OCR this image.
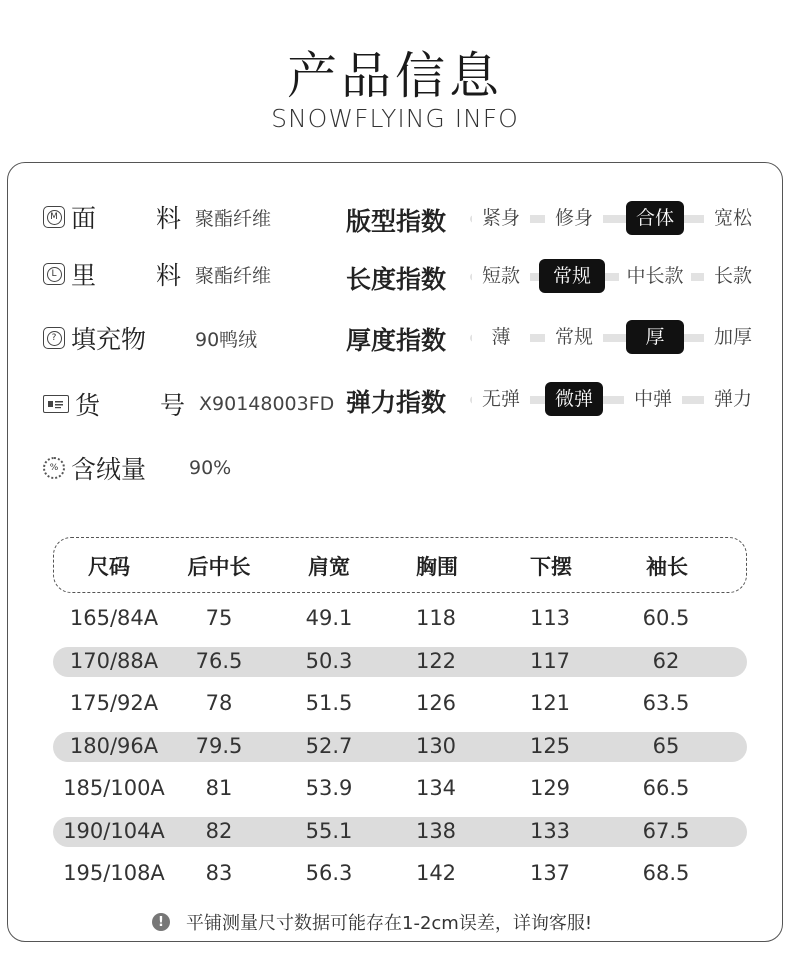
产品信息
SNOWFLYING INFO
M 面 料 聚酯纤维
L 里 料 聚酯纤维
? 填充物	90鸭绒
货 号 X90148003FD
% 含绒量 90%
版型指数	紧身	修身	合体	宽松
长度指数	短款	常规	中长款	长款
厚度指数	薄	常规	厚	加厚
弹力指数	无弹	微弹	中弹	弹力
尺码	后中长	肩宽	胸围	下摆	袖长
165/84A	75	49.1	118	113	60.5
170/88A	76.5	50.3	122	117	62
175/92A	78	51.5	126	121	63.5
180/96A	79.5	52.7	130	125	65
185/100A	81	53.9	134	129	66.5
190/104A	82	55.1	138	133	67.5
195/108A	83	56.3	142	137	68.5
!	平铺测量尺寸数据可能存在1-2cm误差，详询客服!
